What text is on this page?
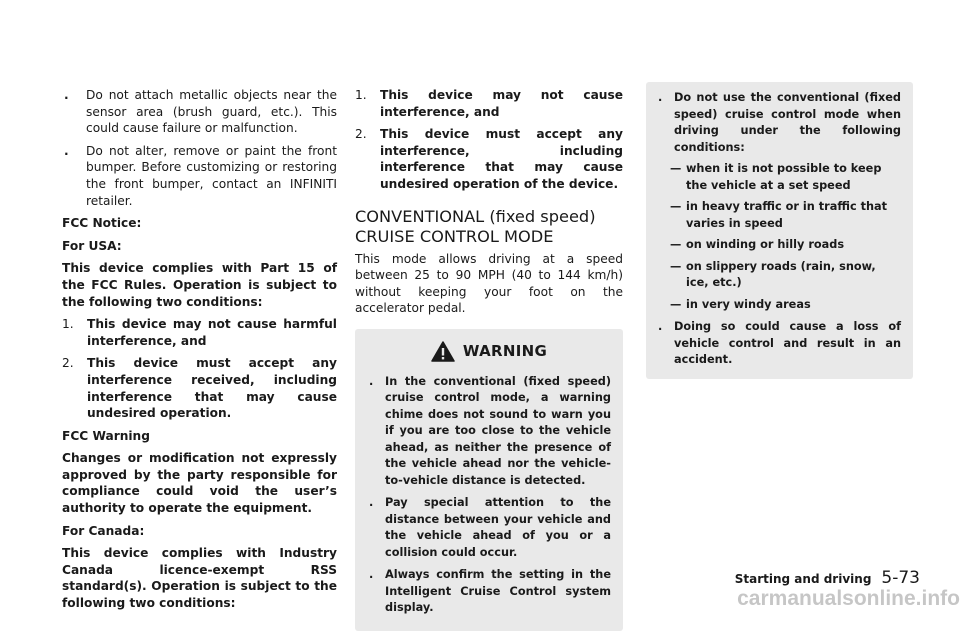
. Do not attach metallic objects near the sensor area (brush guard, etc.). This could cause failure or malfunction.
. Do not alter, remove or paint the front bumper. Before customizing or restoring the front bumper, contact an INFINITI retailer.

FCC Notice:

For USA:

This device complies with Part 15 of the FCC Rules. Operation is subject to the following two conditions:

1. This device may not cause harmful interference, and
2. This device must accept any interference received, including interference that may cause undesired operation.

FCC Warning

Changes or modification not expressly approved by the party responsible for compliance could void the user’s authority to operate the equipment.

For Canada:

This device complies with Industry Canada licence-exempt RSS standard(s). Operation is subject to the following two conditions:

1. This device may not cause interference, and
2. This device must accept any interference, including interference that may cause undesired operation of the device.
CONVENTIONAL (fixed speed)
CRUISE CONTROL MODE

This mode allows driving at a speed between 25 to 90 MPH (40 to 144 km/h) without keeping your foot on the accelerator pedal.

WARNING
. In the conventional (fixed speed) cruise control mode, a warning chime does not sound to warn you if you are too close to the vehicle ahead, as neither the presence of the vehicle ahead nor the vehicle-to-vehicle distance is detected.
. Pay special attention to the distance between your vehicle and the vehicle ahead of you or a collision could occur.
. Always confirm the setting in the Intelligent Cruise Control system display.
. Do not use the conventional (fixed speed) cruise control mode when driving under the following conditions:
— when it is not possible to keep the vehicle at a set speed
— in heavy traffic or in traffic that varies in speed
— on winding or hilly roads
— on slippery roads (rain, snow, ice, etc.)
— in very windy areas
. Doing so could cause a loss of vehicle control and result in an accident.
Starting and driving 5-73
carmanualsonline.info
